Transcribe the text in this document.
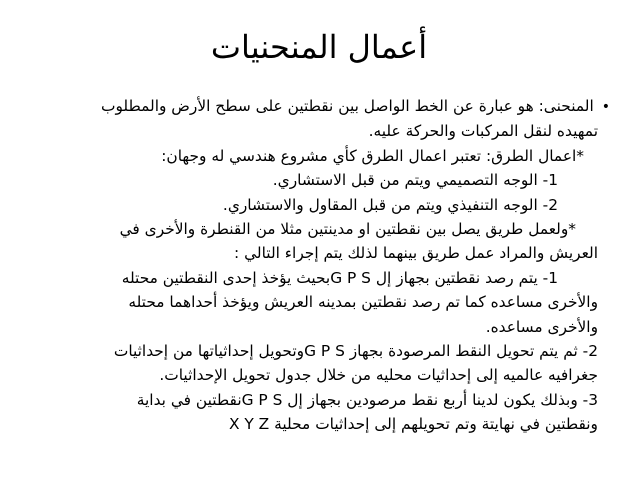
أعمال المنحنيات
•المنحنى: هو عبارة عن الخط الواصل بين نقطتين على سطح الأرض والمطلوب
تمهيده لنقل المركبات والحركة عليه.
*اعمال الطرق: تعتبر اعمال الطرق كأي مشروع هندسي له وجهان:
1- الوجه التصميمي ويتم من قبل الاستشاري.
2- الوجه التنفيذي ويتم من قبل المقاول والاستشاري.
*ولعمل طريق يصل بين نقطتين او مدينتين مثلا من القنطرة والأخرى في
العريش والمراد عمل طريق بينهما لذلك يتم إجراء التالي :
1- يتم رصد نقطتين بجهاز إل G P Sبحيث يؤخذ إحدى النقطتين محتله
والأخرى مساعده كما تم رصد نقطتين بمدينه العريش ويؤخذ أحداهما محتله
والأخرى مساعده.
2- ثم يتم تحويل النقط المرصودة بجهاز G P Sوتحويل إحداثياتها من إحداثيات
جغرافيه عالميه إلى إحداثيات محليه من خلال جدول تحويل الإحداثيات.
3- وبذلك يكون لدينا أربع نقط مرصودين بجهاز إل G P Sنقطتين في بداية
ونقطتين في نهايتة وتم تحويلهم إلى إحداثيات محلية X Y Z
